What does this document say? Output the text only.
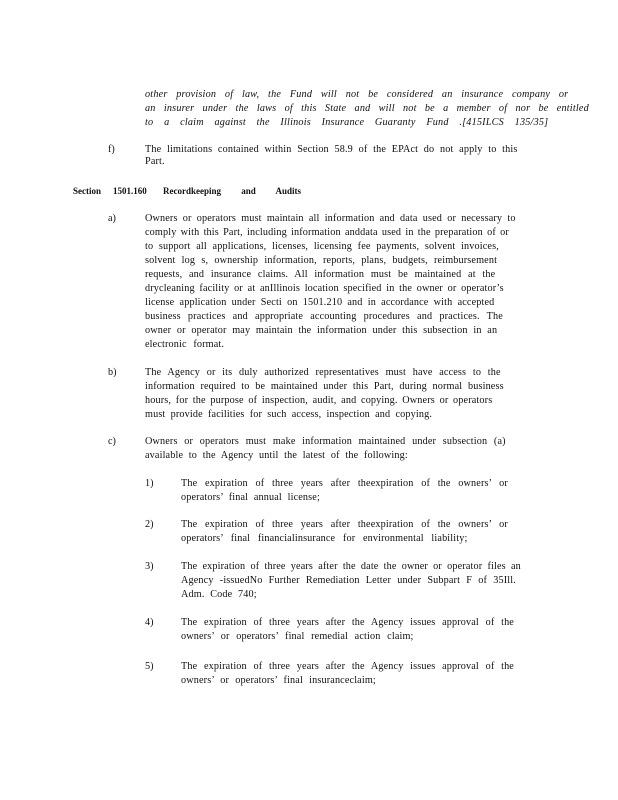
other provision of law, the Fund will not be considered an insurance company or
an insurer under the laws of this State and will not be a member of nor be entitled
to a claim against the Illinois Insurance Guaranty Fund .[415ILCS 135/35]
f)	The limitations contained within Section 58.9 of the EPAct do not apply to this
Part.
Section 1501.160 Recordkeeping and Audits
a)	Owners or operators must maintain all information and data used or necessary to
comply with this Part, including information anddata used in the preparation of or
to support all applications, licenses, licensing fee payments, solvent invoices,
solvent log s, ownership information, reports, plans, budgets, reimbursement
requests, and insurance claims. All information must be maintained at the
drycleaning facility or at anIllinois location specified in the owner or operator’s
license application under Secti on 1501.210 and in accordance with accepted
business practices and appropriate accounting procedures and practices. The
owner or operator may maintain the information under this subsection in an
electronic format.
b)	The Agency or its duly authorized representatives must have access to the
information required to be maintained under this Part, during normal business
hours, for the purpose of inspection, audit, and copying. Owners or operators
must provide facilities for such access, inspection and copying.
c)	Owners or operators must make information maintained under subsection (a)
available to the Agency until the latest of the following:
1)	The expiration of three years after theexpiration of the owners’ or
operators’ final annual license;
2)	The expiration of three years after theexpiration of the owners’ or
operators’ final financialinsurance for environmental liability;
3)	The expiration of three years after the date the owner or operator files an
Agency -issuedNo Further Remediation Letter under Subpart F of 35Ill.
Adm. Code 740;
4)	The expiration of three years after the Agency issues approval of the
owners’ or operators’ final remedial action claim;
5)	The expiration of three years after the Agency issues approval of the
owners’ or operators’ final insuranceclaim;
